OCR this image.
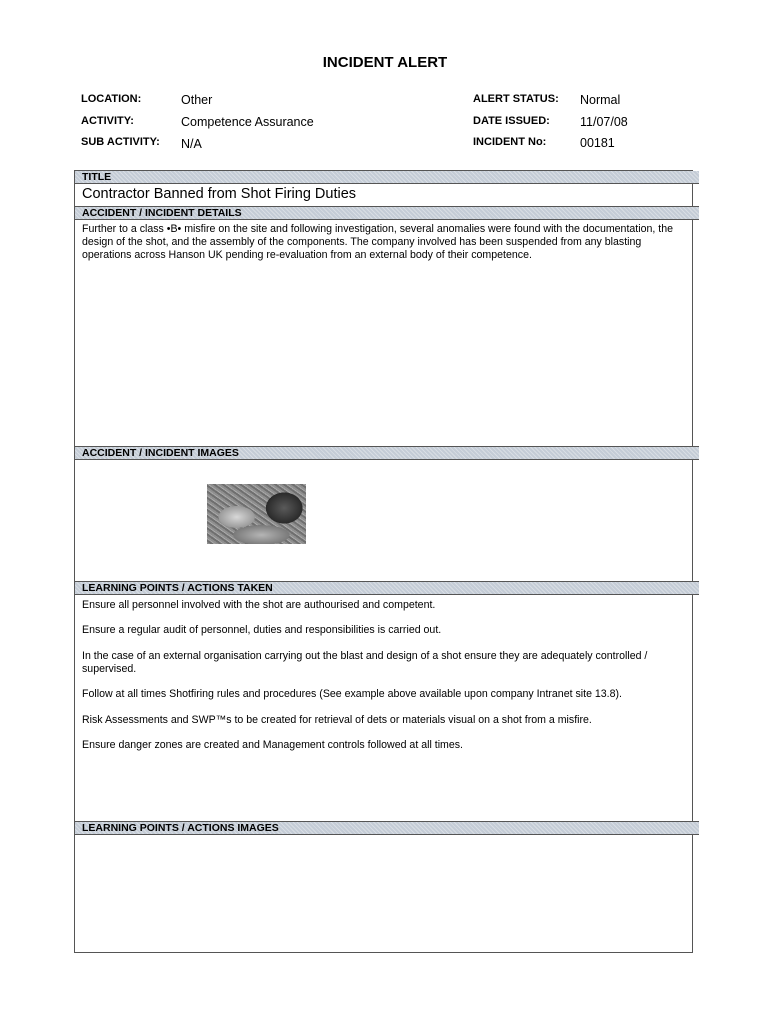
INCIDENT ALERT
LOCATION:	Other
ACTIVITY:	Competence Assurance
SUB ACTIVITY: N/A
ALERT STATUS: Normal
DATE ISSUED: 11/07/08
INCIDENT No:	00181
TITLE
Contractor Banned from Shot Firing Duties
ACCIDENT / INCIDENT DETAILS

Further to a class •B• misfire on the site and following investigation, several anomalies were found with the documentation, the design of the shot, and the assembly of the components. The company involved has been suspended from any blasting operations across Hanson UK pending re-evaluation from an external body of their competence.

ACCIDENT / INCIDENT IMAGES
LEARNING POINTS / ACTIONS TAKEN

Ensure all personnel involved with the shot are authourised and competent.

Ensure a regular audit of personnel, duties and responsibilities is carried out.

In the case of an external organisation carrying out the blast and design of a shot ensure they are adequately controlled / supervised.

Follow at all times Shotfiring rules and procedures (See example above available upon company Intranet site 13.8).

Risk Assessments and SWP™s to be created for retrieval of dets or materials visual on a shot from a misfire.

Ensure danger zones are created and Management controls followed at all times.

LEARNING POINTS / ACTIONS IMAGES
